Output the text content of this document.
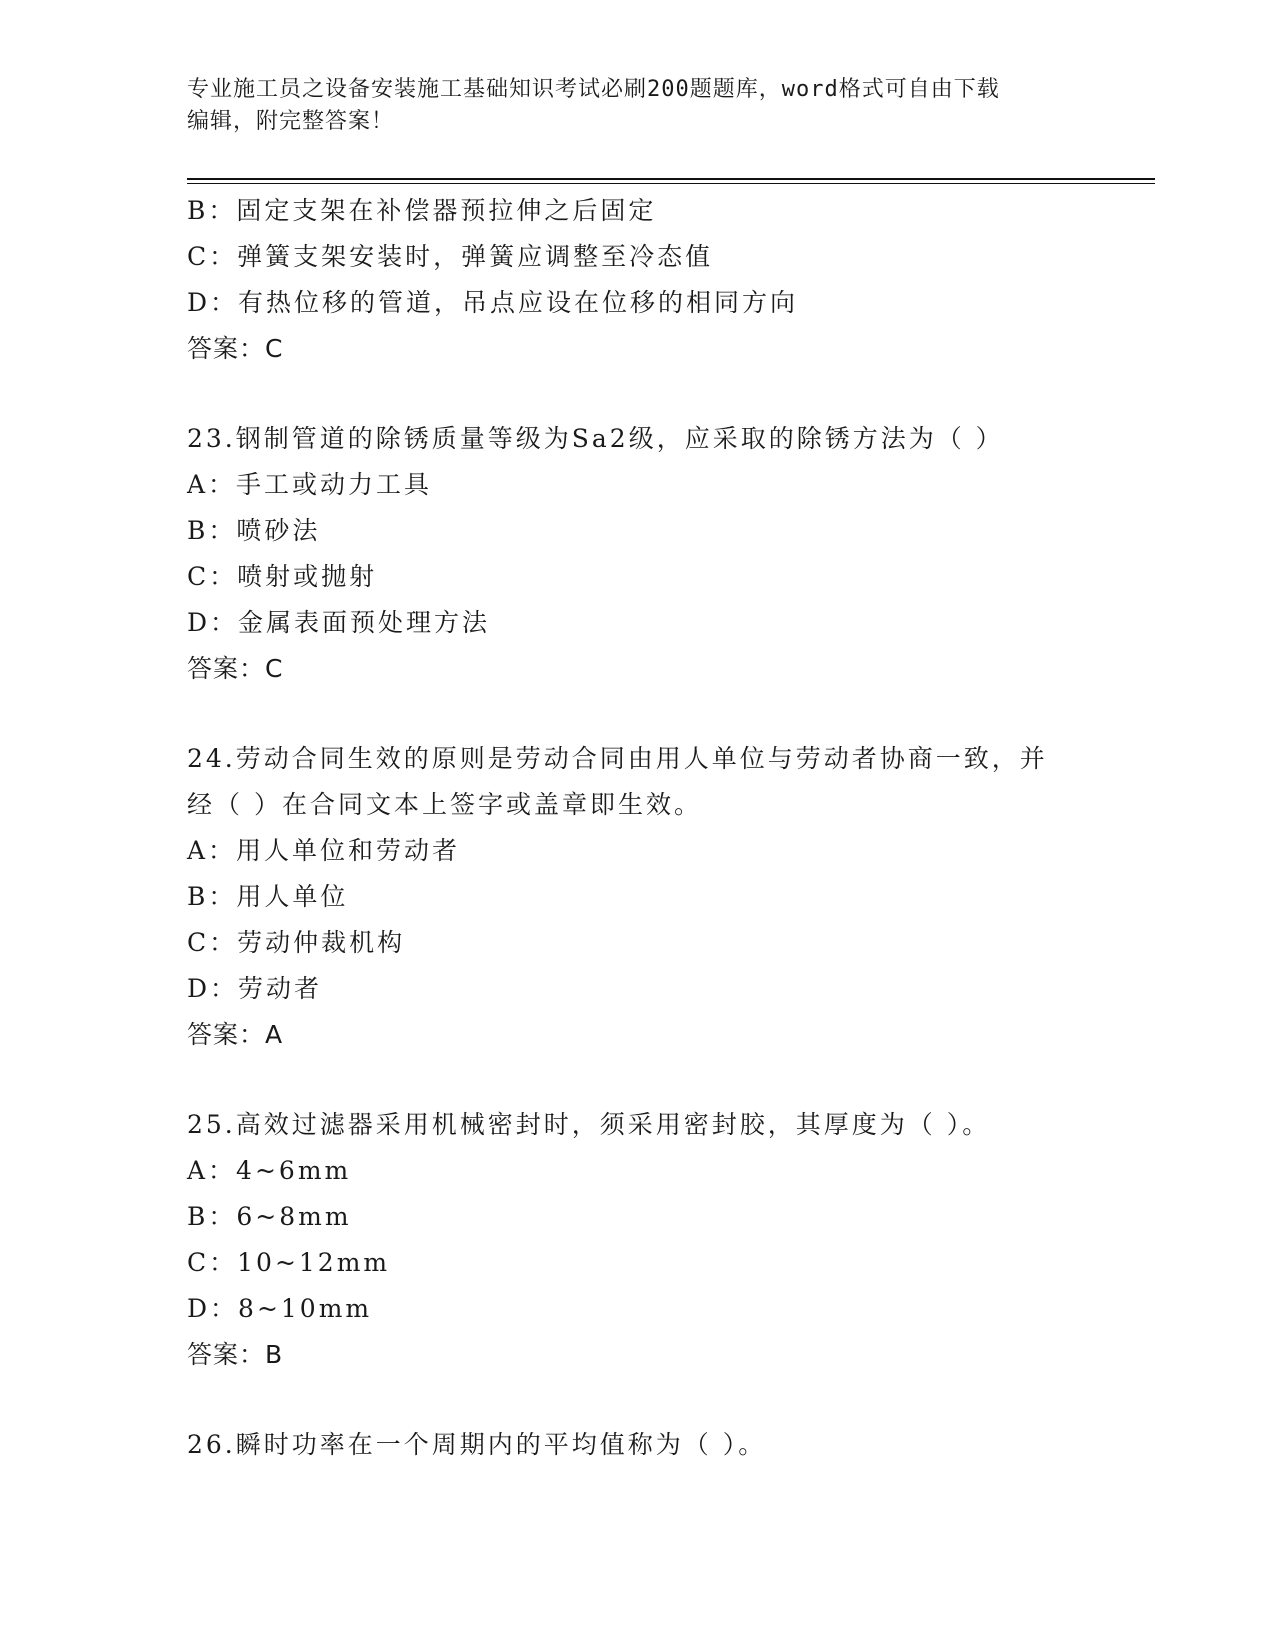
专业施工员之设备安装施工基础知识考试必刷200题题库，word格式可自由下载
编辑，附完整答案！
B：固定支架在补偿器预拉伸之后固定
C：弹簧支架安装时，弹簧应调整至冷态值
D：有热位移的管道，吊点应设在位移的相同方向
答案：C
23.钢制管道的除锈质量等级为Sa2级，应采取的除锈方法为（ ）
A：手工或动力工具
B：喷砂法
C：喷射或抛射
D：金属表面预处理方法
答案：C
24.劳动合同生效的原则是劳动合同由用人单位与劳动者协商一致，并
经（ ）在合同文本上签字或盖章即生效。
A：用人单位和劳动者
B：用人单位
C：劳动仲裁机构
D：劳动者
答案：A
25.高效过滤器采用机械密封时，须采用密封胶，其厚度为（ ）。
A：4~6mm
B：6~8mm
C：10~12mm
D：8~10mm
答案：B
26.瞬时功率在一个周期内的平均值称为（ ）。
